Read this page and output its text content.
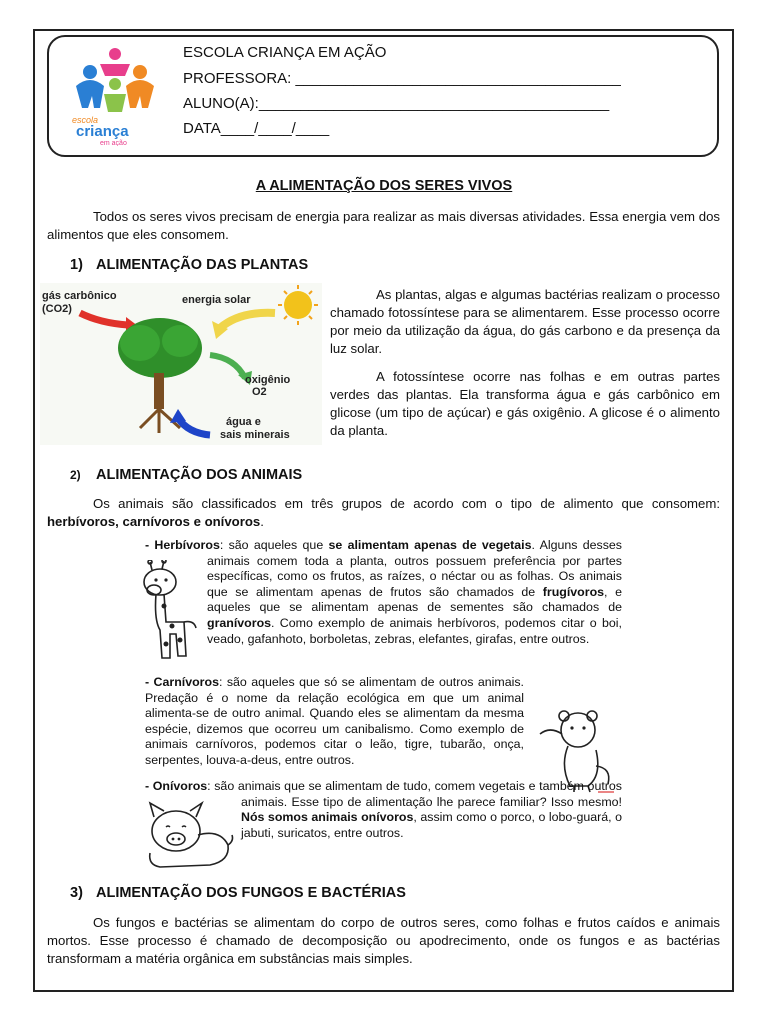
escola
criança
em ação
ESCOLA CRIANÇA EM AÇÃO
PROFESSORA: _______________________________________
ALUNO(A):__________________________________________
DATA____/____/____
A ALIMENTAÇÃO DOS SERES VIVOS
Todos os seres vivos precisam de energia para realizar as mais diversas atividades. Essa energia vem dos alimentos que eles consomem.
1) ALIMENTAÇÃO DAS PLANTAS
gás carbônico
(CO2)
energia solar
oxigênio
O2
água e
sais minerais
As plantas, algas e algumas bactérias realizam o processo chamado fotossíntese para se alimentarem. Esse processo ocorre por meio da utilização da água, do gás carbono e da presença da luz solar.
A fotossíntese ocorre nas folhas e em outras partes verdes das plantas. Ela transforma água e gás carbônico em glicose (um tipo de açúcar) e gás oxigênio. A glicose é o alimento da planta.
2) ALIMENTAÇÃO DOS ANIMAIS
Os animais são classificados em três grupos de acordo com o tipo de alimento que consomem: herbívoros, carnívoros e onívoros.
- Herbívoros: são aqueles que se alimentam apenas de vegetais. Alguns desses animais comem toda a planta, outros possuem preferência por partes específicas, como os frutos, as raízes, o néctar ou as folhas. Os animais que se alimentam apenas de frutos são chamados de frugívoros, e aqueles que se alimentam apenas de sementes são chamados de granívoros. Como exemplo de animais herbívoros, podemos citar o boi, veado, gafanhoto, borboletas, zebras, elefantes, girafas, entre outros.
- Carnívoros: são aqueles que só se alimentam de outros animais. Predação é o nome da relação ecológica em que um animal alimenta-se de outro animal. Quando eles se alimentam da mesma espécie, dizemos que ocorreu um canibalismo. Como exemplo de animais carnívoros, podemos citar o leão, tigre, tubarão, onça, serpentes, louva-a-deus, entre outros.
- Onívoros: são animais que se alimentam de tudo, comem vegetais e também outros animais. Esse tipo de alimentação lhe parece familiar? Isso mesmo! Nós somos animais onívoros, assim como o porco, o lobo-guará, o jabuti, suricatos, entre outros.
3) ALIMENTAÇÃO DOS FUNGOS E BACTÉRIAS
Os fungos e bactérias se alimentam do corpo de outros seres, como folhas e frutos caídos e animais mortos. Esse processo é chamado de decomposição ou apodrecimento, onde os fungos e as bactérias transformam a matéria orgânica em substâncias mais simples.
